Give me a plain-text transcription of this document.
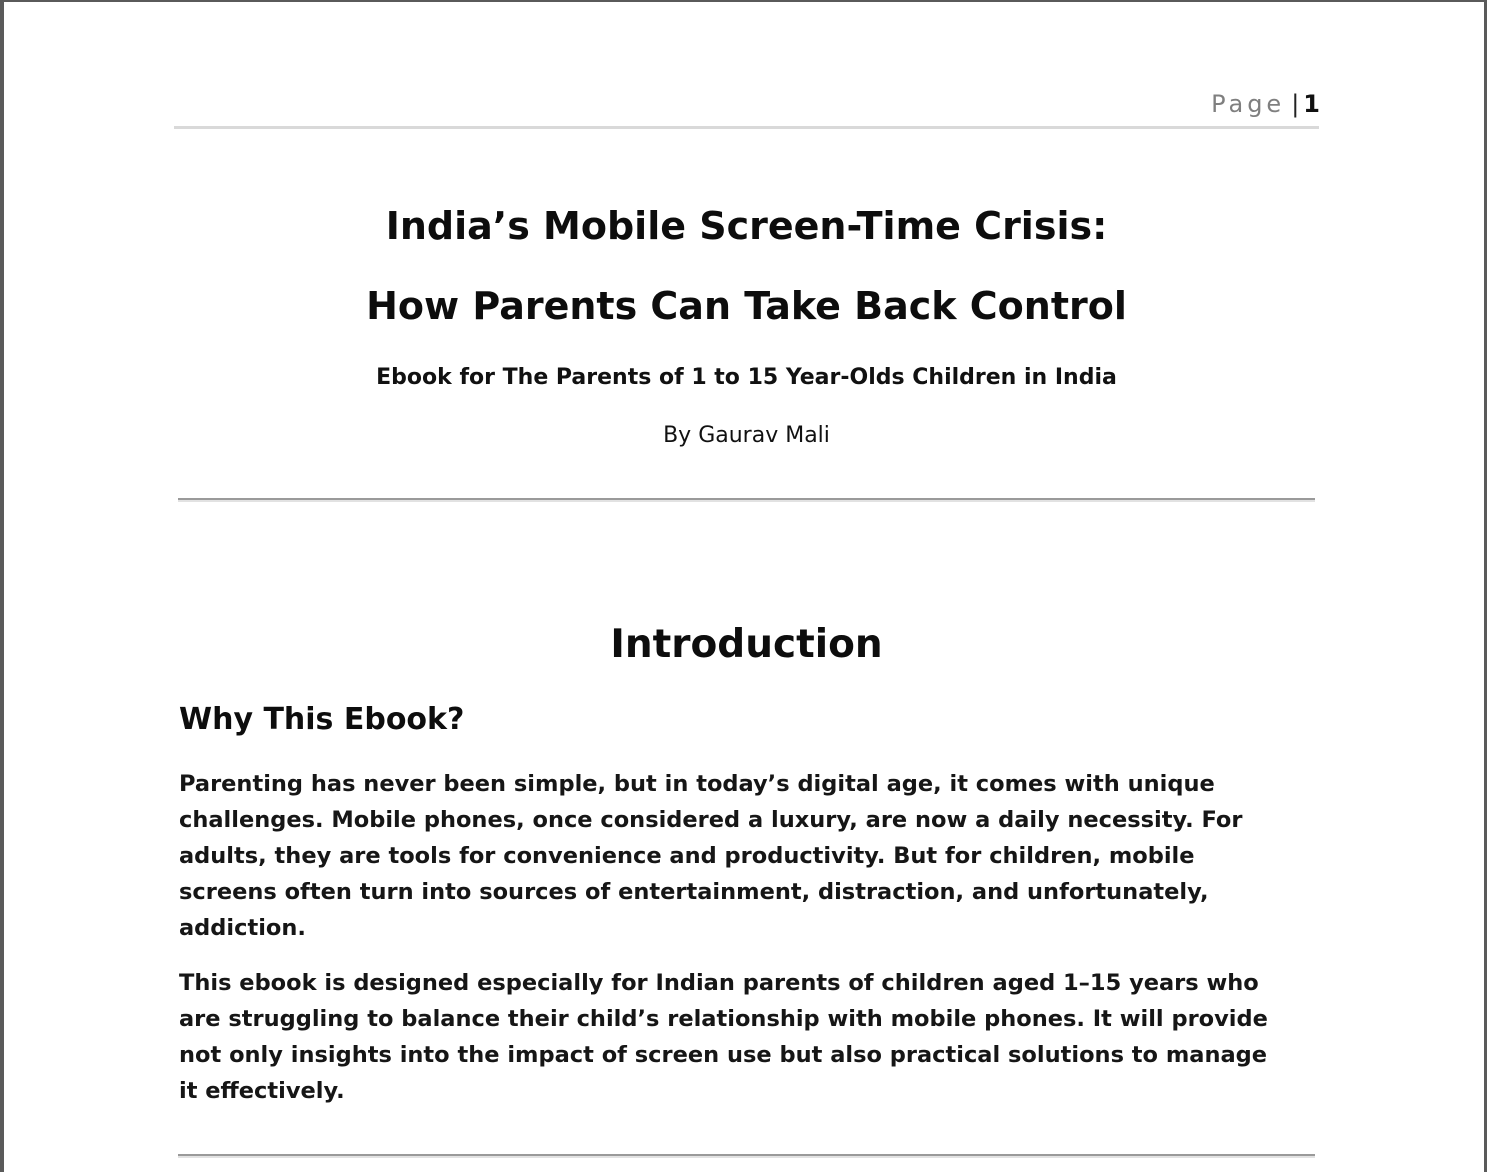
Page | 1
India’s Mobile Screen-Time Crisis:
How Parents Can Take Back Control
Ebook for The Parents of 1 to 15 Year-Olds Children in India
By Gaurav Mali
Introduction
Why This Ebook?

Parenting has never been simple, but in today’s digital age, it comes with unique
challenges. Mobile phones, once considered a luxury, are now a daily necessity. For
adults, they are tools for convenience and productivity. But for children, mobile
screens often turn into sources of entertainment, distraction, and unfortunately,
addiction.

This ebook is designed especially for Indian parents of children aged 1–15 years who
are struggling to balance their child’s relationship with mobile phones. It will provide
not only insights into the impact of screen use but also practical solutions to manage
it effectively.
